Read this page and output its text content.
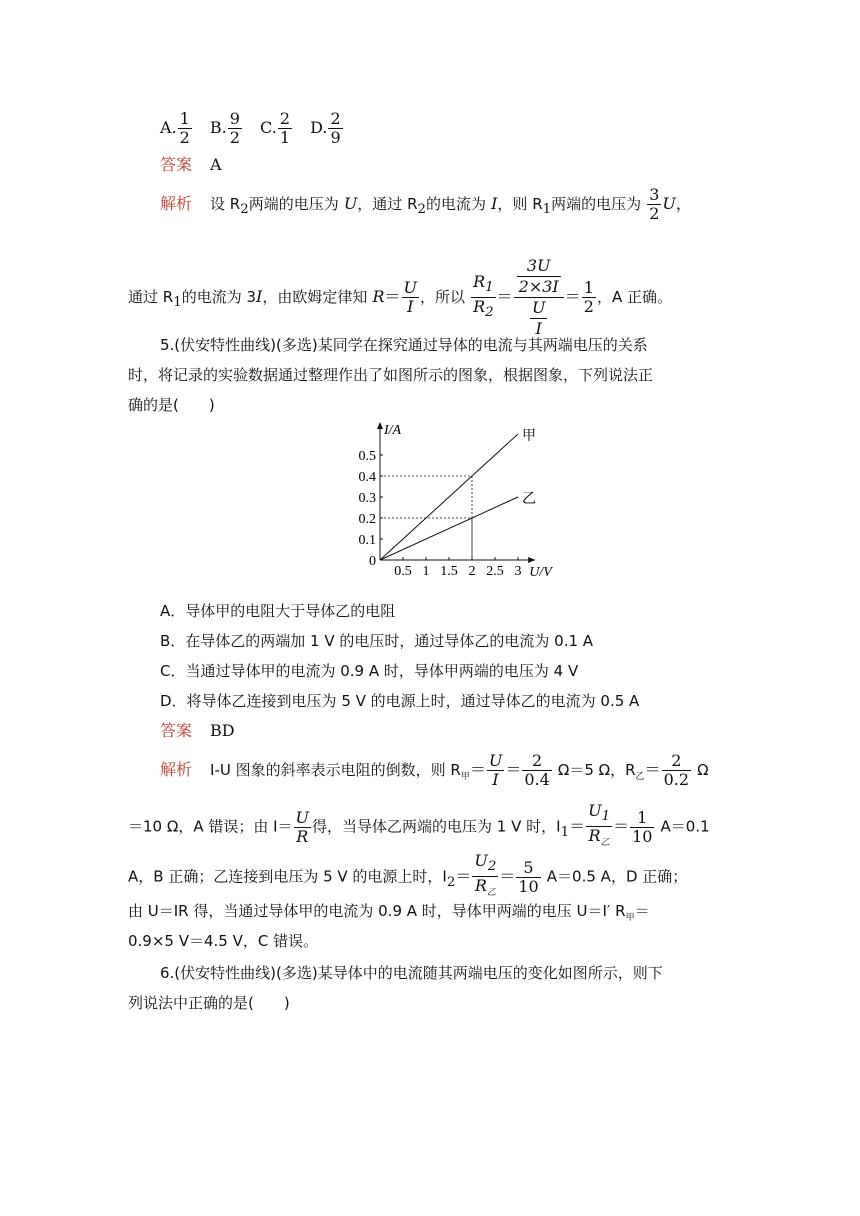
A. $\frac{1}{2} B$. $\frac{9}{2} C$. $\frac{2}{1} D$. $\frac{2}{9}$
答案 A
解析 设 $R_2$两端的电压为 U，通过 $R_2$的电流为 I，则 $R_1$两端的电压为 $\frac{3}{2}$ U，
通过 $R_1$的电流为 3I，由欧姆定律知 $R= \frac{U}{I}$ ，所以 $\frac{R_1}{R_2} = \frac{\frac{3U}{2\times 3I}}{\frac{U}{I}} = \frac{1}{2}$ ，A 正确。
5.(伏安特性曲线)(多选)某同学在探究通过导体的电流与其两端电压的关系
时，将记录的实验数据通过整理作出了如图所示的图象，根据图象，下列说法正
确的是(　　)
0.5 1 1.5 2 2.5 3
0.1
0.2
0.3
0.4
0.5
0
U/V
I/A	甲
乙
A．导体甲的电阻大于导体乙的电阻
B．在导体乙的两端加 1 V 的电压时，通过导体乙的电流为 0.1 A
C．当通过导体甲的电流为 0.9 A 时，导体甲两端的电压为 4 V
D．将导体乙连接到电压为 5 V 的电源上时，通过导体乙的电流为 0.5 A
答案 BD
解析 I-U 图象的斜率表示电阻的倒数，则 $R_甲= \frac{U}{I} = \frac{2}{0.4} \Omega=5$ Ω，$R_乙= \frac{2}{0.2}$ Ω
＝10 Ω，A 错误；由 $I= \frac{U}{R}$ 得，当导体乙两端的电压为 1 V 时，$I_1= \frac{U_1}{R_乙} = \frac{1}{10} A=0.1$
A，B 正确；乙连接到电压为 5 V 的电源上时，$I_2= \frac{U_2}{R_乙} = \frac{5}{10} A=0.5$ A，D 正确；
由 U＝IR 得，当通过导体甲的电流为 0.9 A 时，导体甲两端的电压 U＝I′ $R_甲=$
0.9×5 V＝4.5 V，C 错误。
6.(伏安特性曲线)(多选)某导体中的电流随其两端电压的变化如图所示，则下
列说法中正确的是(　　)
